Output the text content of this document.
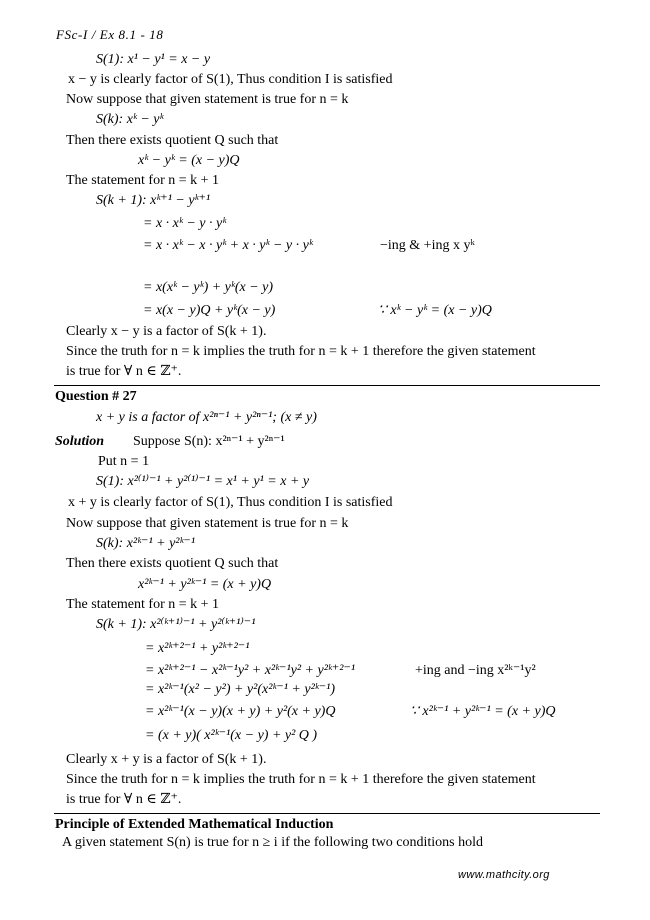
FSc-I / Ex 8.1 - 18
S(1): x¹ − y¹ = x − y
x − y is clearly factor of S(1), Thus condition I is satisfied
Now suppose that given statement is true for n = k
S(k): xᵏ − yᵏ
Then there exists quotient Q such that
xᵏ − yᵏ = (x − y)Q
The statement for n = k + 1
S(k + 1): xᵏ⁺¹ − yᵏ⁺¹
= x · xᵏ − y · yᵏ
= x · xᵏ − x · yᵏ + x · yᵏ − y · yᵏ	−ing & +ing x yᵏ
= x(xᵏ − yᵏ) + yᵏ(x − y)
= x(x − y)Q + yᵏ(x − y)	∵ xᵏ − yᵏ = (x − y)Q
Clearly x − y is a factor of S(k + 1).
Since the truth for n = k implies the truth for n = k + 1 therefore the given statement
is true for ∀ n ∈ ℤ⁺.
Question # 27
x + y is a factor of x²ⁿ⁻¹ + y²ⁿ⁻¹; (x ≠ y)
Solution Suppose S(n): x²ⁿ⁻¹ + y²ⁿ⁻¹
Put n = 1
S(1): x²⁽¹⁾⁻¹ + y²⁽¹⁾⁻¹ = x¹ + y¹ = x + y
x + y is clearly factor of S(1), Thus condition I is satisfied
Now suppose that given statement is true for n = k
S(k): x²ᵏ⁻¹ + y²ᵏ⁻¹
Then there exists quotient Q such that
x²ᵏ⁻¹ + y²ᵏ⁻¹ = (x + y)Q
The statement for n = k + 1
S(k + 1): x²⁽ᵏ⁺¹⁾⁻¹ + y²⁽ᵏ⁺¹⁾⁻¹
= x²ᵏ⁺²⁻¹ + y²ᵏ⁺²⁻¹
= x²ᵏ⁺²⁻¹ − x²ᵏ⁻¹y² + x²ᵏ⁻¹y² + y²ᵏ⁺²⁻¹	+ing and −ing x²ᵏ⁻¹y²
= x²ᵏ⁻¹(x² − y²) + y²(x²ᵏ⁻¹ + y²ᵏ⁻¹)
= x²ᵏ⁻¹(x − y)(x + y) + y²(x + y)Q	∵ x²ᵏ⁻¹ + y²ᵏ⁻¹ = (x + y)Q
= (x + y)( x²ᵏ⁻¹(x − y) + y² Q )
Clearly x + y is a factor of S(k + 1).
Since the truth for n = k implies the truth for n = k + 1 therefore the given statement
is true for ∀ n ∈ ℤ⁺.
Principle of Extended Mathematical Induction
A given statement S(n) is true for n ≥ i if the following two conditions hold
www.mathcity.org
